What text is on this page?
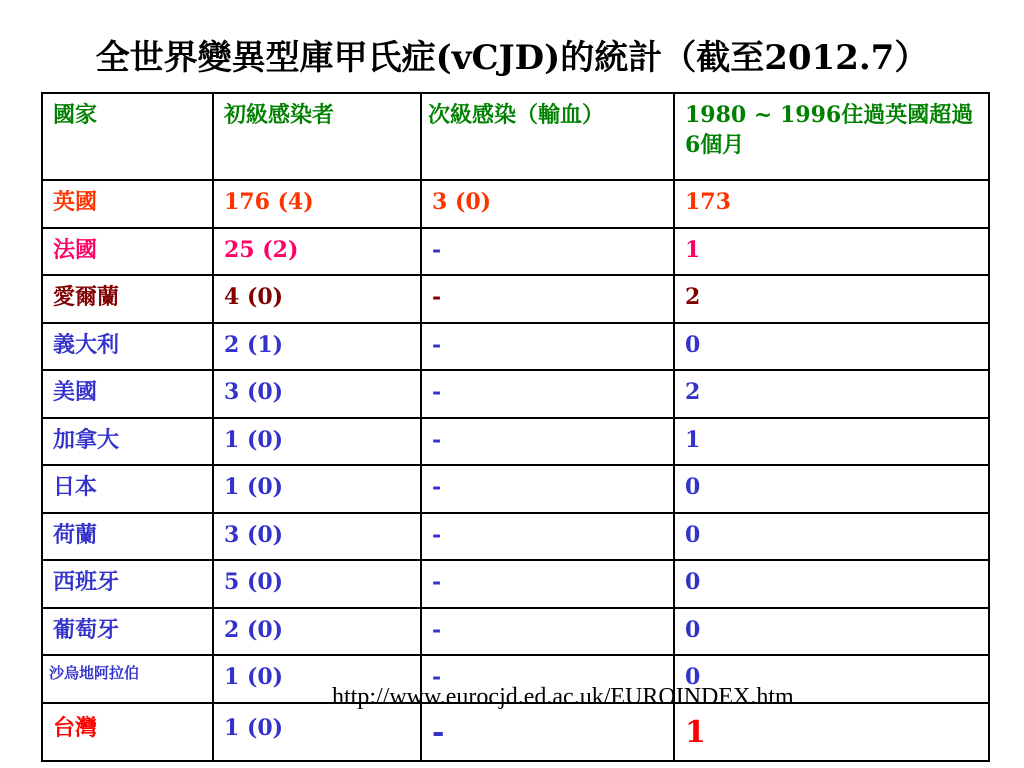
全世界變異型庫甲氏症(vCJD)的統計（截至2012.7）
國家	初級感染者	次級感染（輸血）	1980 ~ 1996住過英國超過6個月
英國	176 (4)	3 (0)	173
法國	25 (2)	-	1
愛爾蘭	4 (0)	-	2
義大利	2 (1)	-	0
美國	3 (0)	-	2
加拿大	1 (0)	-	1
日本	1 (0)	-	0
荷蘭	3 (0)	-	0
西班牙	5 (0)	-	0
葡萄牙	2 (0)	-	0
沙烏地阿拉伯	1 (0)	-	0
台灣	1 (0)	-	1
http://www.eurocjd.ed.ac.uk/EUROINDEX.htm
